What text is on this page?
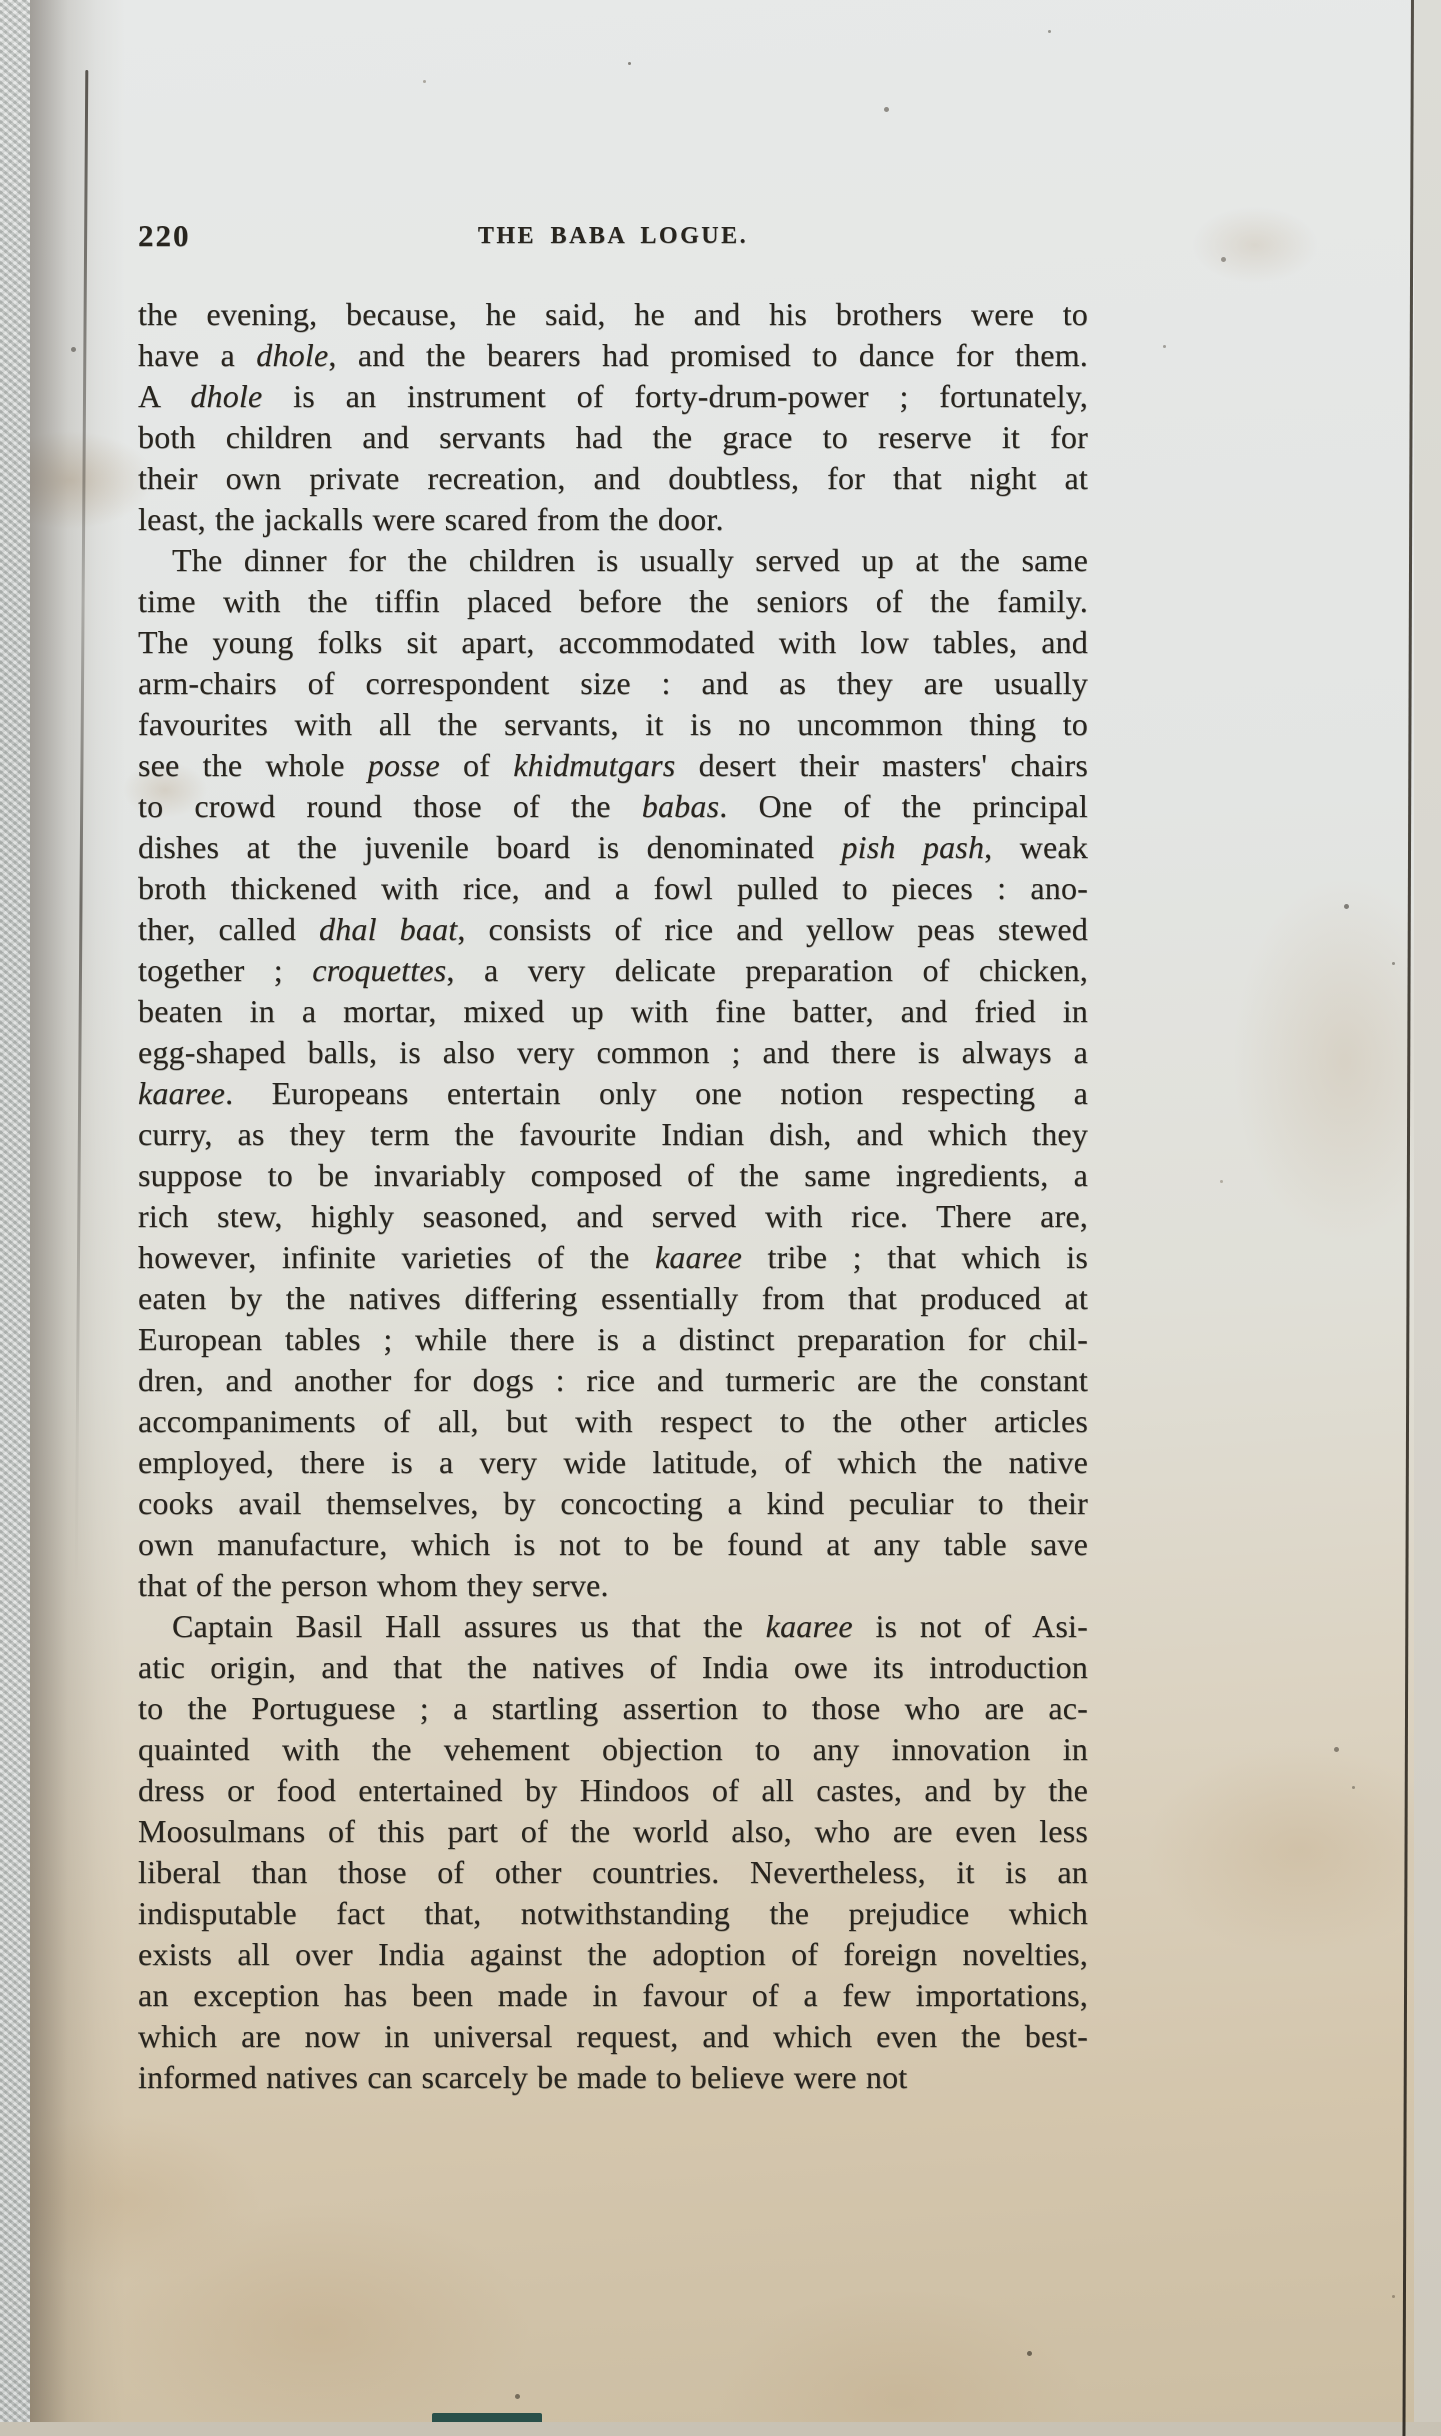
220	THE BABA LOGUE.
the evening, because, he said, he and his brothers were to
have a dhole, and the bearers had promised to dance for them.
A dhole is an instrument of forty-drum-power ; fortunately,
both children and servants had the grace to reserve it for
their own private recreation, and doubtless, for that night at
least, the jackalls were scared from the door.
The dinner for the children is usually served up at the same
time with the tiffin placed before the seniors of the family.
The young folks sit apart, accommodated with low tables, and
arm-chairs of correspondent size : and as they are usually
favourites with all the servants, it is no uncommon thing to
see the whole posse of khidmutgars desert their masters' chairs
to crowd round those of the babas. One of the principal
dishes at the juvenile board is denominated pish pash, weak
broth thickened with rice, and a fowl pulled to pieces : ano-
ther, called dhal baat, consists of rice and yellow peas stewed
together ; croquettes, a very delicate preparation of chicken,
beaten in a mortar, mixed up with fine batter, and fried in
egg-shaped balls, is also very common ; and there is always a
kaaree. Europeans entertain only one notion respecting a
curry, as they term the favourite Indian dish, and which they
suppose to be invariably composed of the same ingredients, a
rich stew, highly seasoned, and served with rice. There are,
however, infinite varieties of the kaaree tribe ; that which is
eaten by the natives differing essentially from that produced at
European tables ; while there is a distinct preparation for chil-
dren, and another for dogs : rice and turmeric are the constant
accompaniments of all, but with respect to the other articles
employed, there is a very wide latitude, of which the native
cooks avail themselves, by concocting a kind peculiar to their
own manufacture, which is not to be found at any table save
that of the person whom they serve.
Captain Basil Hall assures us that the kaaree is not of Asi-
atic origin, and that the natives of India owe its introduction
to the Portuguese ; a startling assertion to those who are ac-
quainted with the vehement objection to any innovation in
dress or food entertained by Hindoos of all castes, and by the
Moosulmans of this part of the world also, who are even less
liberal than those of other countries. Nevertheless, it is an
indisputable fact that, notwithstanding the prejudice which
exists all over India against the adoption of foreign novelties,
an exception has been made in favour of a few importations,
which are now in universal request, and which even the best-
informed natives can scarcely be made to believe were not
